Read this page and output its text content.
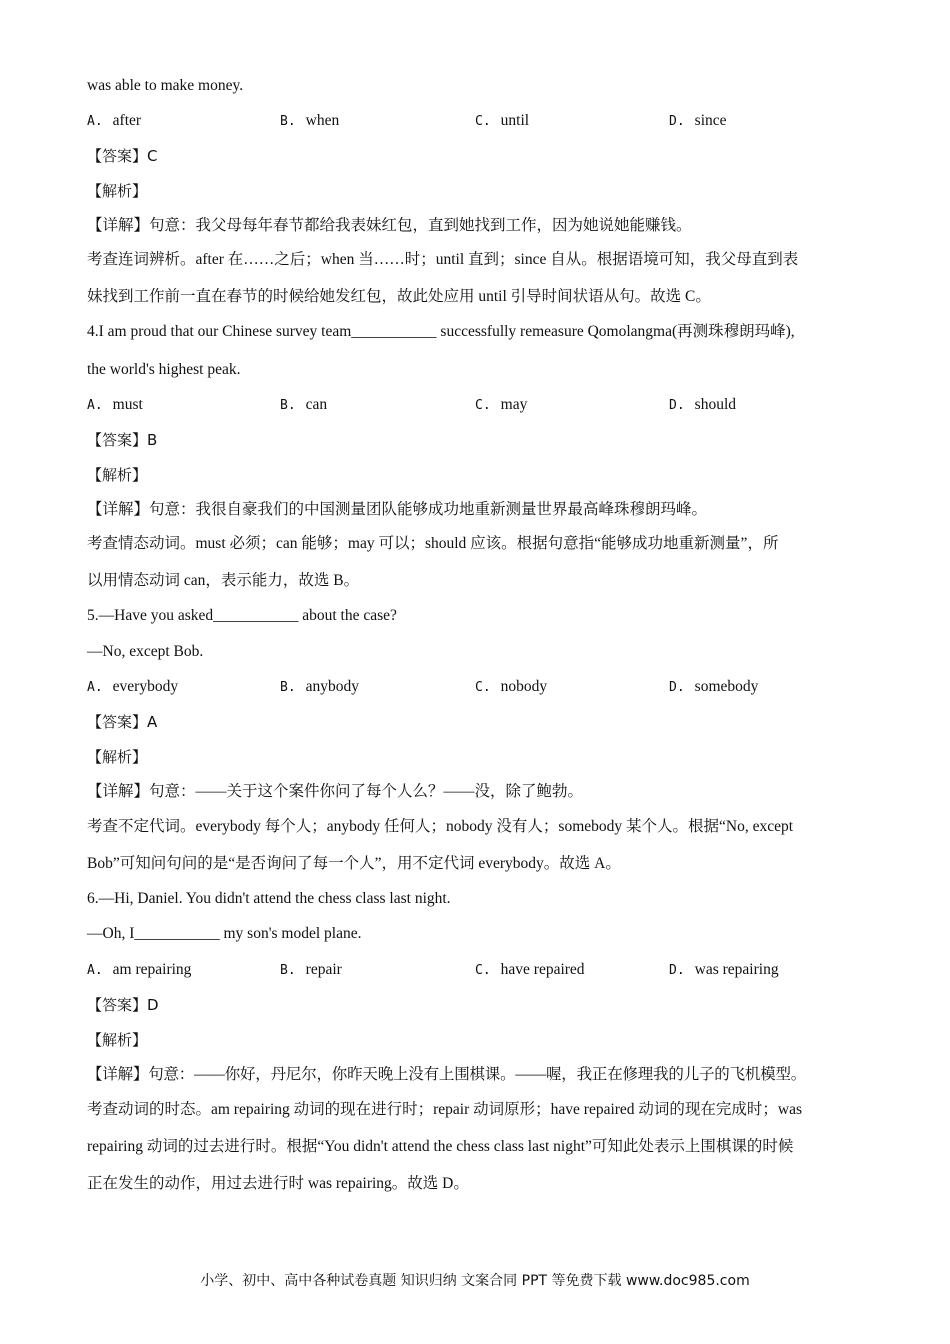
was able to make money.
A. after	B. when	C. until	D. since
【答案】C
【解析】
【详解】句意：我父母每年春节都给我表妹红包，直到她找到工作，因为她说她能赚钱。
考查连词辨析。after 在……之后；when 当……时；until 直到；since 自从。根据语境可知，我父母直到表
妹找到工作前一直在春节的时候给她发红包，故此处应用 until 引导时间状语从句。故选 C。
4.I am proud that our Chinese survey team___________ successfully remeasure Qomolangma(再测珠穆朗玛峰),
the world's highest peak.
A. must	B. can	C. may	D. should
【答案】B
【解析】
【详解】句意：我很自豪我们的中国测量团队能够成功地重新测量世界最高峰珠穆朗玛峰。
考查情态动词。must 必须；can 能够；may 可以；should 应该。根据句意指“能够成功地重新测量”，所
以用情态动词 can，表示能力，故选 B。
5.—Have you asked___________ about the case?
—No, except Bob.
A. everybody	B. anybody	C. nobody	D. somebody
【答案】A
【解析】
【详解】句意：——关于这个案件你问了每个人么？——没，除了鲍勃。
考查不定代词。everybody 每个人；anybody 任何人；nobody 没有人；somebody 某个人。根据“No, except
Bob”可知问句问的是“是否询问了每一个人”，用不定代词 everybody。故选 A。
6.—Hi, Daniel. You didn't attend the chess class last night.
—Oh, I___________ my son's model plane.
A. am repairing	B. repair	C. have repaired	D. was repairing
【答案】D
【解析】
【详解】句意：——你好，丹尼尔，你昨天晚上没有上围棋课。——喔，我正在修理我的儿子的飞机模型。
考查动词的时态。am repairing 动词的现在进行时；repair 动词原形；have repaired 动词的现在完成时；was
repairing 动词的过去进行时。根据“You didn't attend the chess class last night”可知此处表示上围棋课的时候
正在发生的动作，用过去进行时 was repairing。故选 D。
小学、初中、高中各种试卷真题 知识归纳 文案合同 PPT 等免费下载 www.doc985.com
